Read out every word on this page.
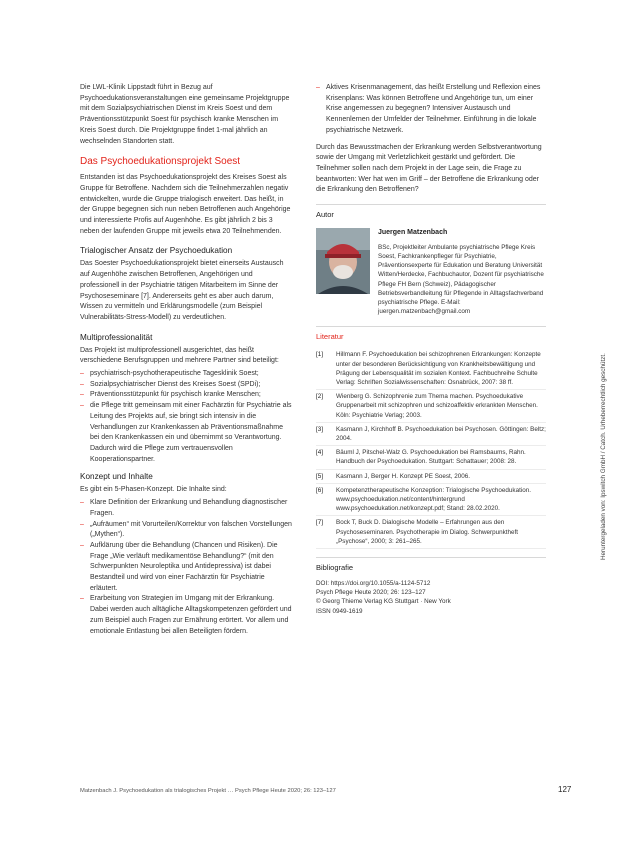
Die LWL-Klinik Lippstadt führt in Bezug auf Psychoedukationsveranstaltungen eine gemeinsame Projektgruppe mit dem Sozialpsychiatrischen Dienst im Kreis Soest und dem Präventionsstützpunkt Soest für psychisch kranke Menschen im Kreis Soest durch. Die Projektgruppe findet 1-mal jährlich an wechselnden Standorten statt.

Das Psychoedukationsprojekt Soest

Entstanden ist das Psychoedukationsprojekt des Kreises Soest als Gruppe für Betroffene. Nachdem sich die Teilnehmerzahlen negativ entwickelten, wurde die Gruppe trialogisch erweitert. Das heißt, in der Gruppe begegnen sich nun neben Betroffenen auch Angehörige und interessierte Profis auf Augenhöhe. Es gibt jährlich 2 bis 3 neben der laufenden Gruppe mit jeweils etwa 20 Teilnehmenden.

Trialogischer Ansatz der Psychoedukation

Das Soester Psychoedukationsprojekt bietet einerseits Austausch auf Augenhöhe zwischen Betroffenen, Angehörigen und professionell in der Psychiatrie tätigen Mitarbeitern im Sinne der Psychoseseminare [7]. Andererseits geht es aber auch darum, Wissen zu vermitteln und Erklärungsmodelle (zum Beispiel Vulnerabilitäts-Stress-Modell) zu verdeutlichen.

Multiprofessionalität

Das Projekt ist multiprofessionell ausgerichtet, das heißt verschiedene Berufsgruppen und mehrere Partner sind beteiligt:

– psychiatrisch-psychotherapeutische Tagesklinik Soest;
– Sozialpsychiatrischer Dienst des Kreises Soest (SPDi);
– Präventionsstützpunkt für psychisch kranke Menschen;
– die Pflege tritt gemeinsam mit einer Fachärztin für Psychiatrie als Leitung des Projekts auf, sie bringt sich intensiv in die Verhandlungen zur Krankenkassen ab Präventionsmaßnahme bei den Krankenkassen ein und übernimmt so Verantwortung. Dadurch wird die Pflege zum vertrauensvollen Kooperationspartner.
Konzept und Inhalte

Es gibt ein 5-Phasen-Konzept. Die Inhalte sind:

– Klare Definition der Erkrankung und Behandlung diagnostischer Fragen.
– „Aufräumen“ mit Vorurteilen/Korrektur von falschen Vorstellungen („Mythen“).
– Aufklärung über die Behandlung (Chancen und Risiken). Die Frage „Wie verläuft medikamentöse Behandlung?“ (mit den Schwerpunkten Neuroleptika und Antidepressiva) ist dabei Bestandteil und wird von einer Fachärztin für Psychiatrie erläutert.
– Erarbeitung von Strategien im Umgang mit der Erkrankung. Dabei werden auch alltägliche Alltagskompetenzen gefördert und zum Beispiel auch Fragen zur Ernährung erörtert. Vor allem und emotionale Entlastung bei allen Beteiligten fördern.
– Aktives Krisenmanagement, das heißt Erstellung und Reflexion eines Krisenplans: Was können Betroffene und Angehörige tun, um einer Krise angemessen zu begegnen? Intensiver Austausch und Kennenlernen der Umfelder der Teilnehmer. Einführung in die lokale psychiatrische Netzwerk.

Durch das Bewusstmachen der Erkrankung werden Selbstverantwortung sowie der Umgang mit Verletzlichkeit gestärkt und gefördert. Die Teilnehmer sollen nach dem Projekt in der Lage sein, die Frage zu beantworten: Wer hat wen im Griff – der Betroffene die Erkrankung oder die Erkrankung den Betroffenen?

Autor
Juergen Matzenbach
BSc, Projektleiter Ambulante psychiatrische Pflege Kreis Soest, Fachkrankenpfleger für Psychiatrie, Präventionsexperte für Edukation und Beratung Universität Witten/Herdecke, Fachbuchautor, Dozent für psychiatrische Pflege FH Bern (Schweiz), Pädagogischer Betriebsverbandleitung für Pflegende in Alltagsfachverband psychiatrische Pflege. E-Mail: juergen.matzenbach@gmail.com
Literatur
[1]	Hillmann F. Psychoedukation bei schizophrenen Erkrankungen: Konzepte unter der besonderen Berücksichtigung von Krankheitsbewältigung und Prägung der Lebensqualität im sozialen Kontext. Fachbuchreihe Schulte Verlag: Schriften Sozialwissenschaften: Osnabrück, 2007: 38 ff.
[2]	Wienberg G. Schizophrenie zum Thema machen. Psychoedukative Gruppenarbeit mit schizophren und schizoaffektiv erkrankten Menschen. Köln: Psychiatrie Verlag; 2003.
[3]	Kasmann J, Kirchhoff B. Psychoedukation bei Psychosen. Göttingen: Beltz; 2004.
[4]	Bäuml J, Pitschel-Walz G. Psychoedukation bei Ramsbaums, Rahn. Handbuch der Psychoedukation. Stuttgart: Schattauer; 2008: 28.
[5]	Kasmann J, Berger H. Konzept PE Soest, 2006.
[6]	Kompetenztherapeutische Konzeption: Trialogische Psychoedukation. www.psychoedukation.net/content/hintergrund www.psychoedukation.net/konzept.pdf; Stand: 28.02.2020.
[7]	Bock T, Buck D. Dialogische Modelle – Erfahrungen aus den Psychoseseminaren. Psychotherapie im Dialog. Schwerpunktheft „Psychose“, 2000; 3: 261–265.
Bibliografie
DOI: https://doi.org/10.1055/a-1124-5712
Psych Pflege Heute 2020; 26: 123–127
© Georg Thieme Verlag KG Stuttgart · New York
ISSN 0949-1619
Matzenbach J. Psychoedukation als trialogisches Projekt … Psych Pflege Heute 2020; 26: 123–127	127
Heruntergeladen von: Ipswitch GmbH / Catch. Urheberrechtlich geschützt.
